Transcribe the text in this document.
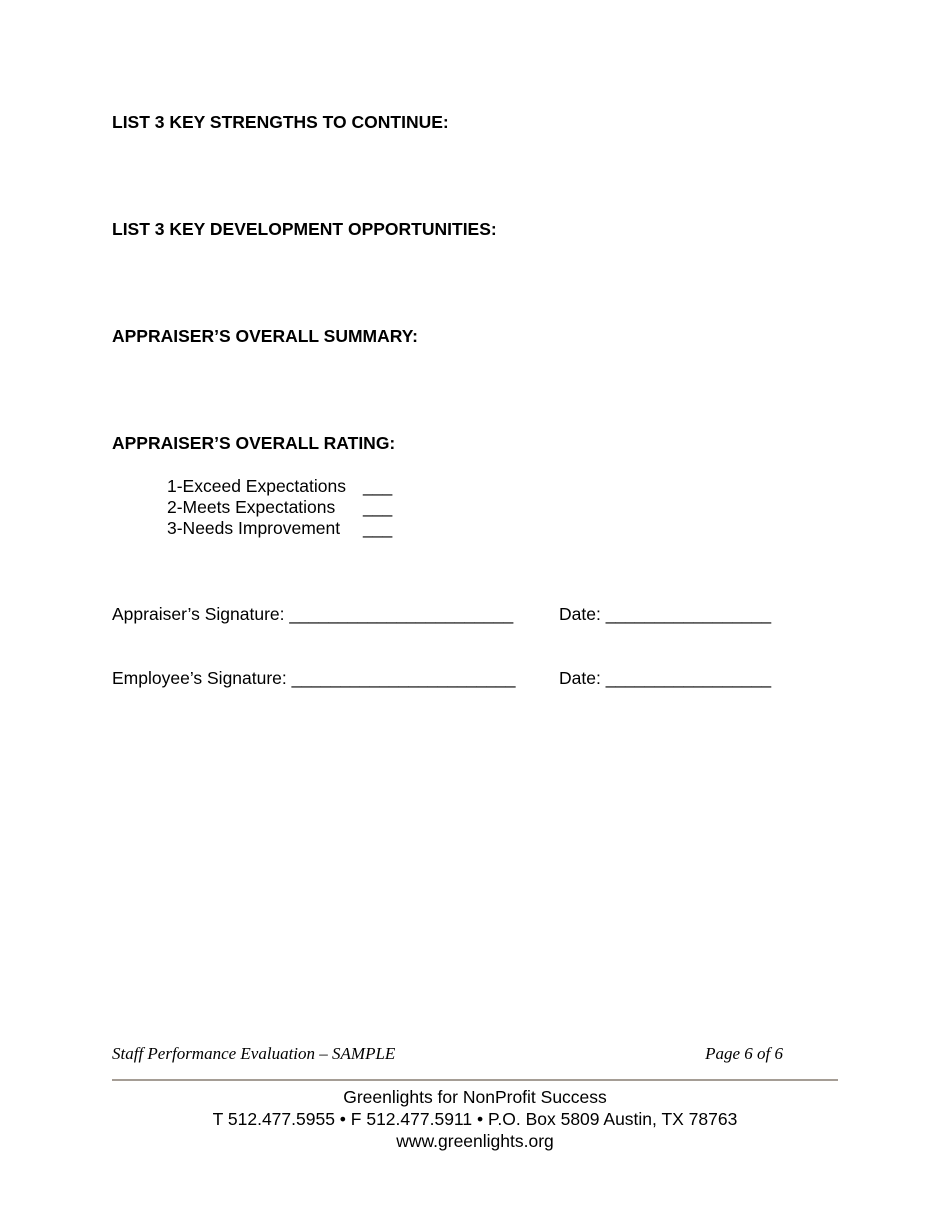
LIST 3 KEY STRENGTHS TO CONTINUE:
LIST 3 KEY DEVELOPMENT OPPORTUNITIES:
APPRAISER’S OVERALL SUMMARY:
APPRAISER’S OVERALL RATING:
1-Exceed Expectations ___
2-Meets Expectations ___
3-Needs Improvement ___
Appraiser’s Signature: _______________________	Date: _________________
Employee’s Signature: _______________________ Date: _________________
Staff Performance Evaluation – SAMPLE	Page 6 of 6
Greenlights for NonProfit Success
T 512.477.5955 • F 512.477.5911 • P.O. Box 5809 Austin, TX 78763
www.greenlights.org
